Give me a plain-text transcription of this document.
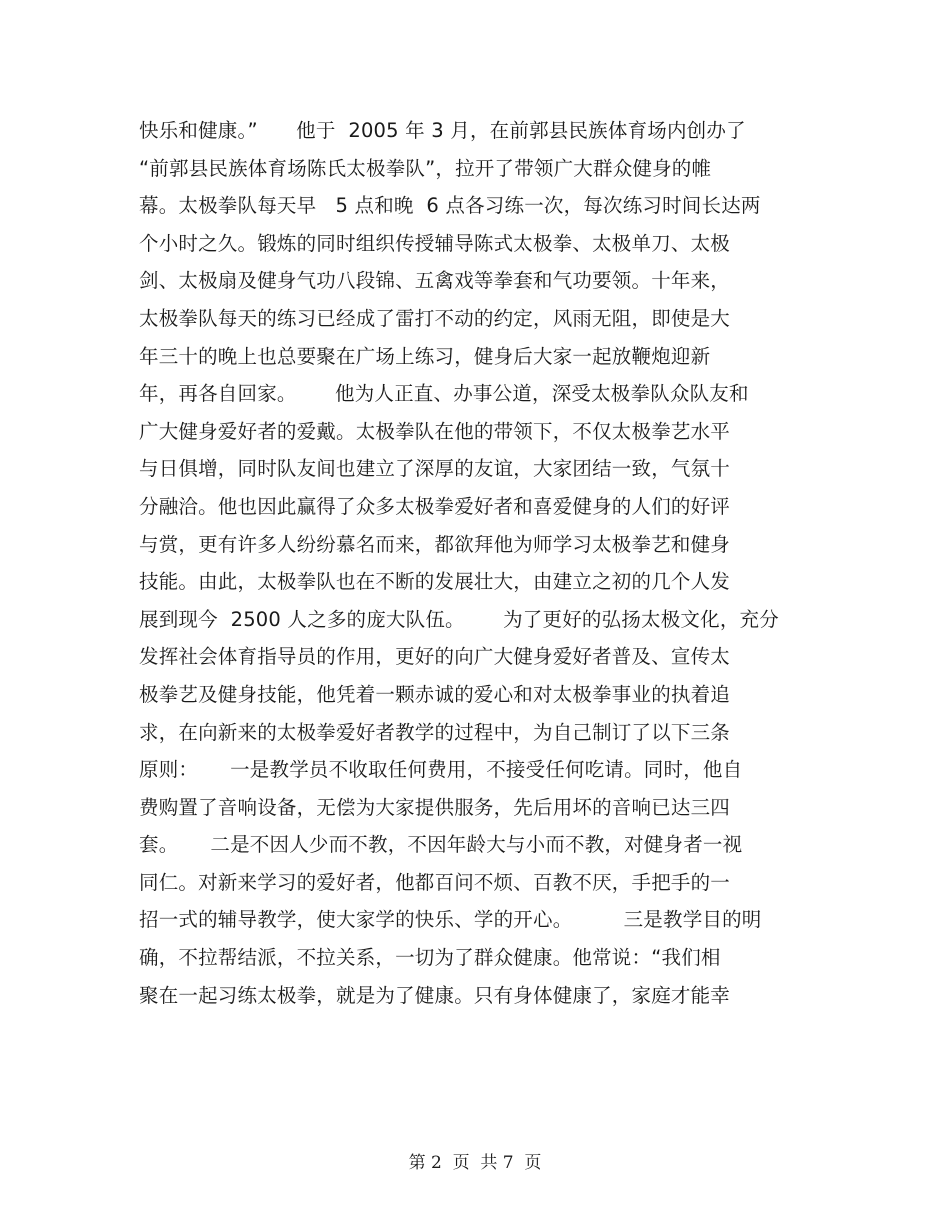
快乐和健康。”      他于  2005 年 3 月，在前郭县民族体育场内创办了
“前郭县民族体育场陈氏太极拳队”，拉开了带领广大群众健身的帷
幕。太极拳队每天早   5 点和晚  6 点各习练一次，每次练习时间长达两
个小时之久。锻炼的同时组织传授辅导陈式太极拳、太极单刀、太极
剑、太极扇及健身气功八段锦、五禽戏等拳套和气功要领。十年来，
太极拳队每天的练习已经成了雷打不动的约定，风雨无阻，即使是大
年三十的晚上也总要聚在广场上练习，健身后大家一起放鞭炮迎新
年，再各自回家。      他为人正直、办事公道，深受太极拳队众队友和
广大健身爱好者的爱戴。太极拳队在他的带领下，不仅太极拳艺水平
与日俱增，同时队友间也建立了深厚的友谊，大家团结一致，气氛十
分融洽。他也因此赢得了众多太极拳爱好者和喜爱健身的人们的好评
与赏，更有许多人纷纷慕名而来，都欲拜他为师学习太极拳艺和健身
技能。由此，太极拳队也在不断的发展壮大，由建立之初的几个人发
展到现今  2500 人之多的庞大队伍。      为了更好的弘扬太极文化，充分
发挥社会体育指导员的作用，更好的向广大健身爱好者普及、宣传太
极拳艺及健身技能，他凭着一颗赤诚的爱心和对太极拳事业的执着追
求，在向新来的太极拳爱好者教学的过程中，为自己制订了以下三条
原则：     一是教学员不收取任何费用，不接受任何吃请。同时，他自
费购置了音响设备，无偿为大家提供服务，先后用坏的音响已达三四
套。     二是不因人少而不教，不因年龄大与小而不教，对健身者一视
同仁。对新来学习的爱好者，他都百问不烦、百教不厌，手把手的一
招一式的辅导教学，使大家学的快乐、学的开心。        三是教学目的明
确，不拉帮结派，不拉关系，一切为了群众健康。他常说：“我们相
聚在一起习练太极拳，就是为了健康。只有身体健康了，家庭才能幸
第 2  页  共 7  页
